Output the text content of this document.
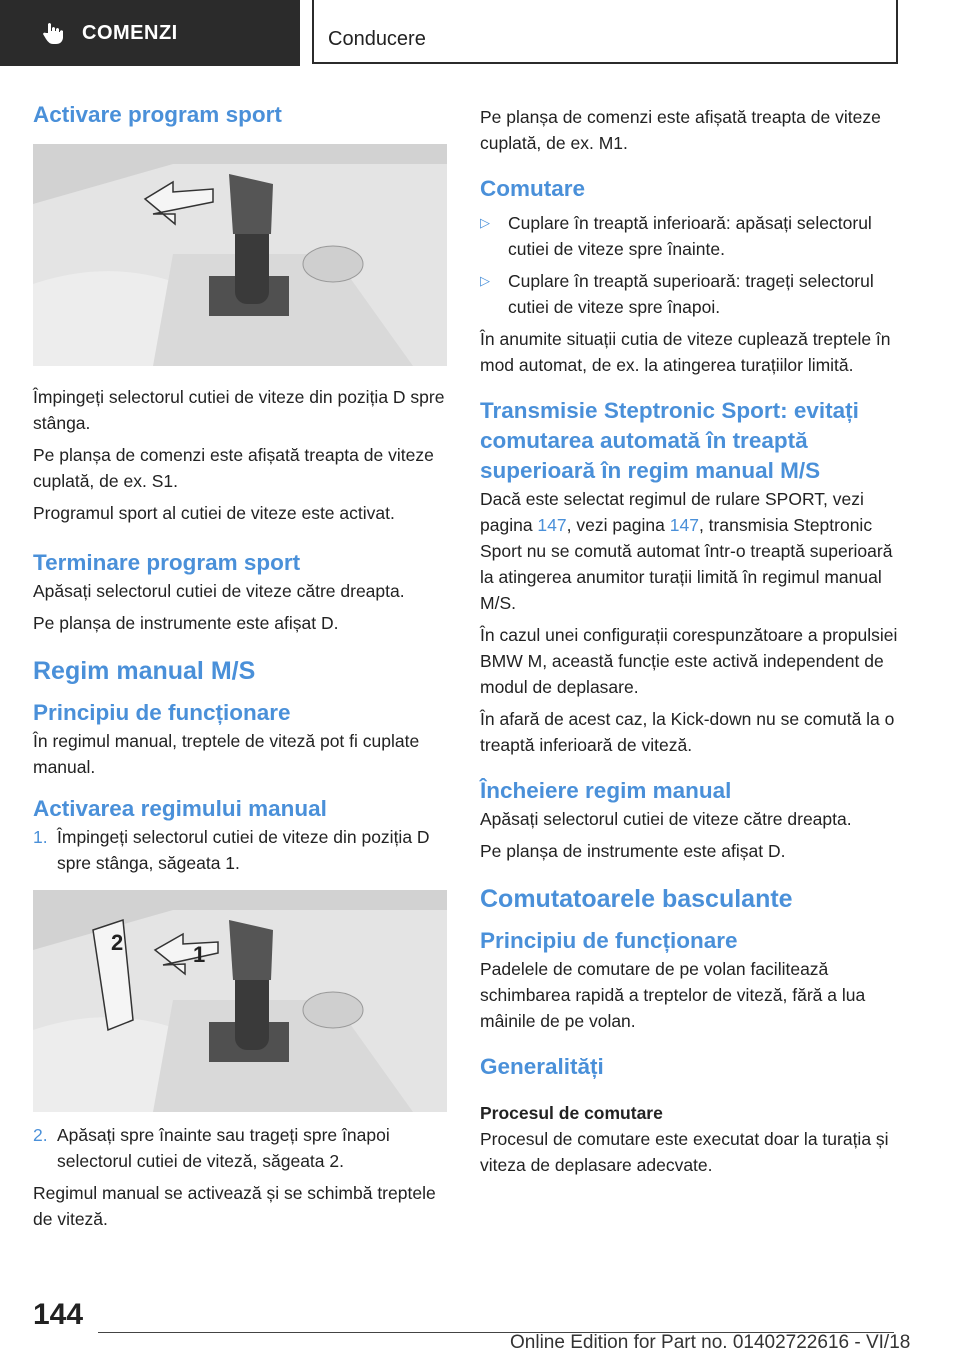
COMENZI	Conducere
Activare program sport

Împingeți selectorul cutiei de viteze din poziția D spre stânga.

Pe planșa de comenzi este afișată treapta de viteze cuplată, de ex. S1.

Programul sport al cutiei de viteze este activat.

Terminare program sport

Apăsați selectorul cutiei de viteze către dreapta.

Pe planșa de instrumente este afișat D.

Regim manual M/S
Principiu de funcționare

În regimul manual, treptele de viteză pot fi cuplate manual.

Activarea regimului manual
1. Împingeți selectorul cutiei de viteze din poziția D spre stânga, săgeata 1.
1
2
2. Apăsați spre înainte sau trageți spre înapoi selectorul cutiei de viteză, săgeata 2.

Regimul manual se activează și se schimbă treptele de viteză.

Pe planșa de comenzi este afișată treapta de viteze cuplată, de ex. M1.

Comutare
▷	Cuplare în treaptă inferioară: apăsați selectorul cutiei de viteze spre înainte.
▷	Cuplare în treaptă superioară: trageți selectorul cutiei de viteze spre înapoi.

În anumite situații cutia de viteze cuplează treptele în mod automat, de ex. la atingerea turațiilor limită.

Transmisie Steptronic Sport: evitați comutarea automată în treaptă superioară în regim manual M/S

Dacă este selectat regimul de rulare SPORT, vezi pagina 147, vezi pagina 147, transmisia Steptronic Sport nu se comută automat într-o treaptă superioară la atingerea anumitor turații limită în regimul manual M/S.

În cazul unei configurații corespunzătoare a propulsiei BMW M, această funcție este activă independent de modul de deplasare.

În afară de acest caz, la Kick-down nu se comută la o treaptă inferioară de viteză.

Încheiere regim manual

Apăsați selectorul cutiei de viteze către dreapta.

Pe planșa de instrumente este afișat D.

Comutatoarele basculante
Principiu de funcționare

Padelele de comutare de pe volan facilitează schimbarea rapidă a treptelor de viteză, fără a lua mâinile de pe volan.

Generalități

Procesul de comutare

Procesul de comutare este executat doar la turația și viteza de deplasare adecvate.

144
Online Edition for Part no. 01402722616 - VI/18
